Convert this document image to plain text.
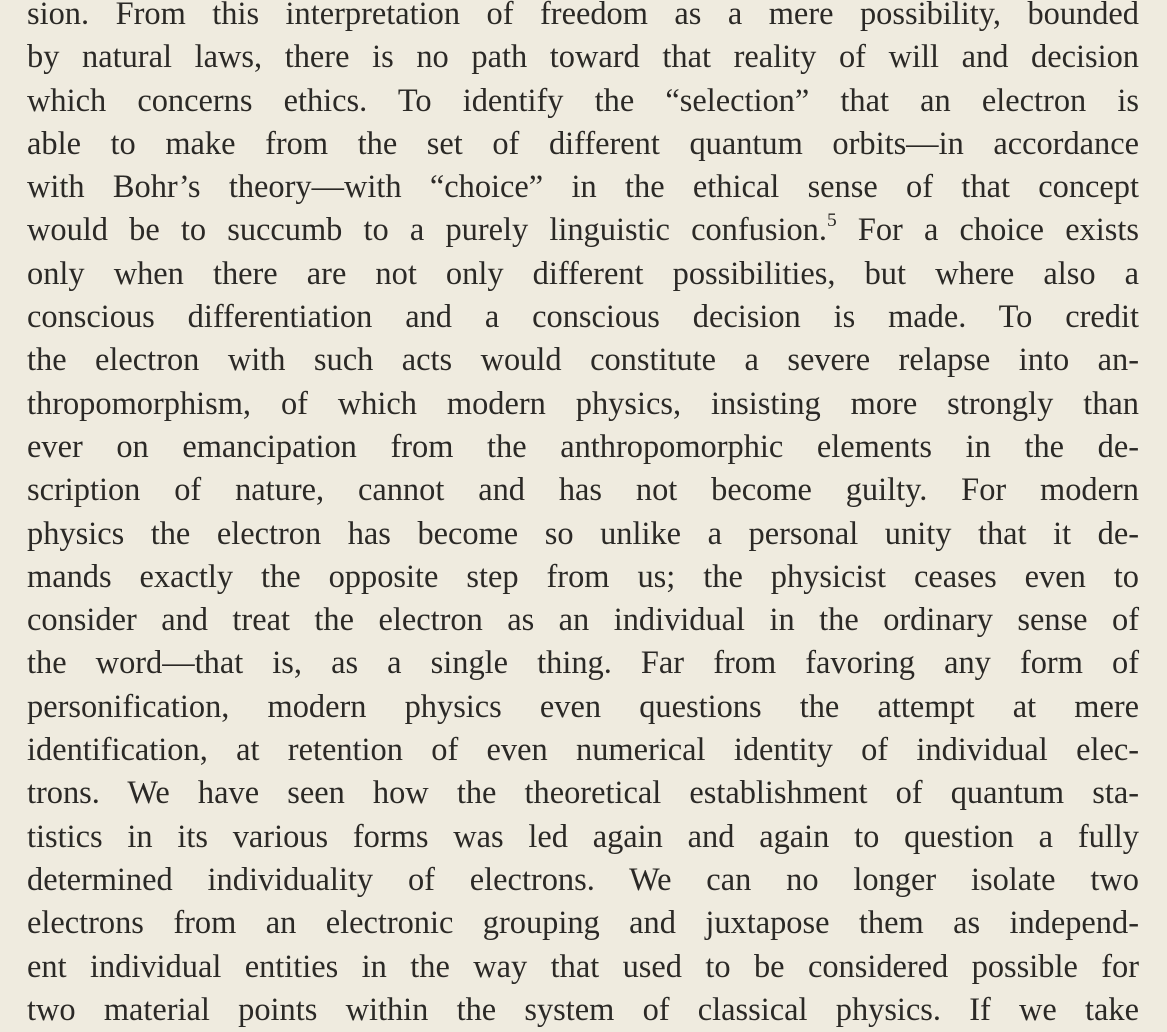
sion. From this interpretation of freedom as a mere possibility, bounded
by natural laws, there is no path toward that reality of will and decision
which concerns ethics. To identify the “selection” that an electron is
able to make from the set of different quantum orbits—in accordance
with Bohr’s theory—with “choice” in the ethical sense of that concept
would be to succumb to a purely linguistic confusion.$^5$ For a choice exists
only when there are not only different possibilities, but where also a
conscious differentiation and a conscious decision is made. To credit
the electron with such acts would constitute a severe relapse into an-
thropomorphism, of which modern physics, insisting more strongly than
ever on emancipation from the anthropomorphic elements in the de-
scription of nature, cannot and has not become guilty. For modern
physics the electron has become so unlike a personal unity that it de-
mands exactly the opposite step from us; the physicist ceases even to
consider and treat the electron as an individual in the ordinary sense of
the word—that is, as a single thing. Far from favoring any form of
personification, modern physics even questions the attempt at mere
identification, at retention of even numerical identity of individual elec-
trons. We have seen how the theoretical establishment of quantum sta-
tistics in its various forms was led again and again to question a fully
determined individuality of electrons. We can no longer isolate two
electrons from an electronic grouping and juxtapose them as independ-
ent individual entities in the way that used to be considered possible for
two material points within the system of classical physics. If we take
